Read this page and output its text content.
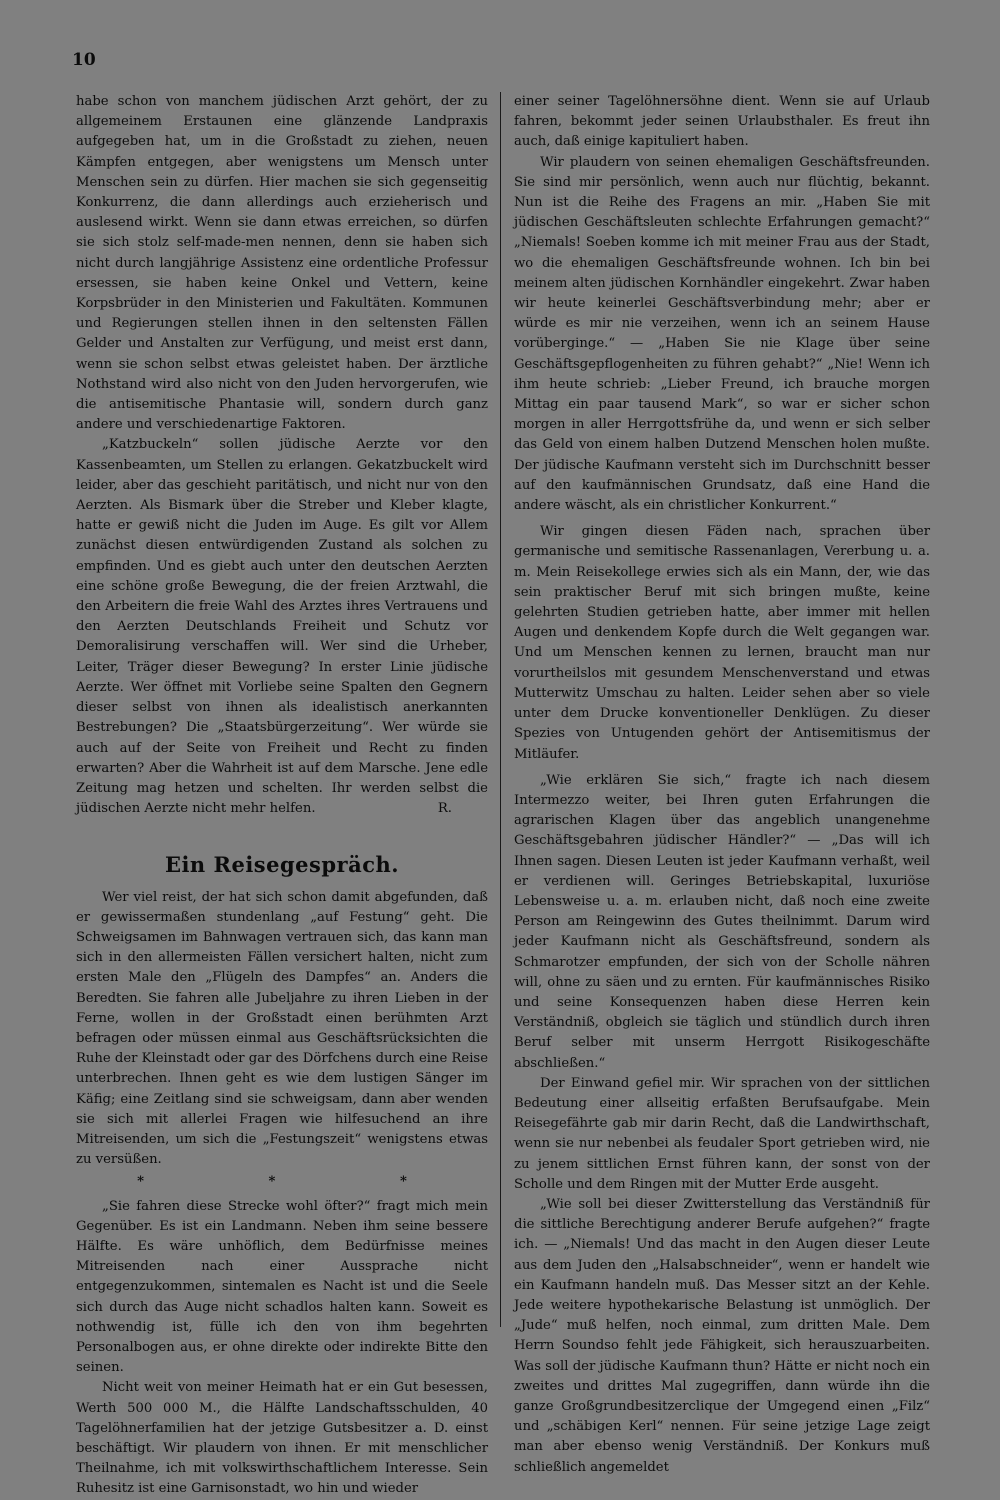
10

habe schon von manchem jüdischen Arzt gehört, der zu allgemeinem Erstaunen eine glänzende Landpraxis aufgegeben hat, um in die Großstadt zu ziehen, neuen Kämpfen entgegen, aber wenigstens um Mensch unter Menschen sein zu dürfen. Hier machen sie sich gegenseitig Konkurrenz, die dann allerdings auch erzieherisch und auslesend wirkt. Wenn sie dann etwas erreichen, so dürfen sie sich stolz self-made-men nennen, denn sie haben sich nicht durch langjährige Assistenz eine ordentliche Professur ersessen, sie haben keine Onkel und Vettern, keine Korpsbrüder in den Ministerien und Fakultäten. Kommunen und Regierungen stellen ihnen in den seltensten Fällen Gelder und Anstalten zur Verfügung, und meist erst dann, wenn sie schon selbst etwas geleistet haben. Der ärztliche Nothstand wird also nicht von den Juden hervorgerufen, wie die antisemitische Phantasie will, sondern durch ganz andere und verschiedenartige Faktoren.

„Katzbuckeln“ sollen jüdische Aerzte vor den Kassenbeamten, um Stellen zu erlangen. Gekatzbuckelt wird leider, aber das geschieht paritätisch, und nicht nur von den Aerzten. Als Bismark über die Streber und Kleber klagte, hatte er gewiß nicht die Juden im Auge. Es gilt vor Allem zunächst diesen entwürdigenden Zustand als solchen zu empfinden. Und es giebt auch unter den deutschen Aerzten eine schöne große Bewegung, die der freien Arztwahl, die den Arbeitern die freie Wahl des Arztes ihres Vertrauens und den Aerzten Deutschlands Freiheit und Schutz vor Demoralisirung verschaffen will. Wer sind die Urheber, Leiter, Träger dieser Bewegung? In erster Linie jüdische Aerzte. Wer öffnet mit Vorliebe seine Spalten den Gegnern dieser selbst von ihnen als idealistisch anerkannten Bestrebungen? Die „Staatsbürgerzeitung“. Wer würde sie auch auf der Seite von Freiheit und Recht zu finden erwarten? Aber die Wahrheit ist auf dem Marsche. Jene edle Zeitung mag hetzen und schelten. Ihr werden selbst die jüdischen Aerzte nicht mehr helfen.	R.

Ein Reisegespräch.

Wer viel reist, der hat sich schon damit abgefunden, daß er gewissermaßen stundenlang „auf Festung“ geht. Die Schweigsamen im Bahnwagen vertrauen sich, das kann man sich in den allermeisten Fällen versichert halten, nicht zum ersten Male den „Flügeln des Dampfes“ an. Anders die Beredten. Sie fahren alle Jubeljahre zu ihren Lieben in der Ferne, wollen in der Großstadt einen berühmten Arzt befragen oder müssen einmal aus Geschäftsrücksichten die Ruhe der Kleinstadt oder gar des Dörfchens durch eine Reise unterbrechen. Ihnen geht es wie dem lustigen Sänger im Käfig; eine Zeitlang sind sie schweigsam, dann aber wenden sie sich mit allerlei Fragen wie hilfesuchend an ihre Mitreisenden, um sich die „Festungszeit“ wenigstens etwas zu versüßen.

* * *

„Sie fahren diese Strecke wohl öfter?“ fragt mich mein Gegenüber. Es ist ein Landmann. Neben ihm seine bessere Hälfte. Es wäre unhöflich, dem Bedürfnisse meines Mitreisenden nach einer Aussprache nicht entgegenzukommen, sintemalen es Nacht ist und die Seele sich durch das Auge nicht schadlos halten kann. Soweit es nothwendig ist, fülle ich den von ihm begehrten Personalbogen aus, er ohne direkte oder indirekte Bitte den seinen.

Nicht weit von meiner Heimath hat er ein Gut besessen, Werth 500 000 M., die Hälfte Landschaftsschulden, 40 Tagelöhnerfamilien hat der jetzige Gutsbesitzer a. D. einst beschäftigt. Wir plaudern von ihnen. Er mit menschlicher Theilnahme, ich mit volkswirthschaftlichem Interesse. Sein Ruhesitz ist eine Garnisonstadt, wo hin und wieder

einer seiner Tagelöhnersöhne dient. Wenn sie auf Urlaub fahren, bekommt jeder seinen Urlaubsthaler. Es freut ihn auch, daß einige kapituliert haben.

Wir plaudern von seinen ehemaligen Geschäftsfreunden. Sie sind mir persönlich, wenn auch nur flüchtig, bekannt. Nun ist die Reihe des Fragens an mir. „Haben Sie mit jüdischen Geschäftsleuten schlechte Erfahrungen gemacht?“ „Niemals! Soeben komme ich mit meiner Frau aus der Stadt, wo die ehemaligen Geschäftsfreunde wohnen. Ich bin bei meinem alten jüdischen Kornhändler eingekehrt. Zwar haben wir heute keinerlei Geschäftsverbindung mehr; aber er würde es mir nie verzeihen, wenn ich an seinem Hause vorüberginge.“ — „Haben Sie nie Klage über seine Geschäftsgepflogenheiten zu führen gehabt?“ „Nie! Wenn ich ihm heute schrieb: „Lieber Freund, ich brauche morgen Mittag ein paar tausend Mark“, so war er sicher schon morgen in aller Herrgottsfrühe da, und wenn er sich selber das Geld von einem halben Dutzend Menschen holen mußte. Der jüdische Kaufmann versteht sich im Durchschnitt besser auf den kaufmännischen Grundsatz, daß eine Hand die andere wäscht, als ein christlicher Konkurrent.“

Wir gingen diesen Fäden nach, sprachen über germanische und semitische Rassenanlagen, Vererbung u. a. m. Mein Reisekollege erwies sich als ein Mann, der, wie das sein praktischer Beruf mit sich bringen mußte, keine gelehrten Studien getrieben hatte, aber immer mit hellen Augen und denkendem Kopfe durch die Welt gegangen war. Und um Menschen kennen zu lernen, braucht man nur vorurtheilslos mit gesundem Menschenverstand und etwas Mutterwitz Umschau zu halten. Leider sehen aber so viele unter dem Drucke konventioneller Denklügen. Zu dieser Spezies von Untugenden gehört der Antisemitismus der Mitläufer.

„Wie erklären Sie sich,“ fragte ich nach diesem Intermezzo weiter, bei Ihren guten Erfahrungen die agrarischen Klagen über das angeblich unangenehme Geschäftsgebahren jüdischer Händler?“ — „Das will ich Ihnen sagen. Diesen Leuten ist jeder Kaufmann verhaßt, weil er verdienen will. Geringes Betriebskapital, luxuriöse Lebensweise u. a. m. erlauben nicht, daß noch eine zweite Person am Reingewinn des Gutes theilnimmt. Darum wird jeder Kaufmann nicht als Geschäftsfreund, sondern als Schmarotzer empfunden, der sich von der Scholle nähren will, ohne zu säen und zu ernten. Für kaufmännisches Risiko und seine Konsequenzen haben diese Herren kein Verständniß, obgleich sie täglich und stündlich durch ihren Beruf selber mit unserm Herrgott Risikogeschäfte abschließen.“

Der Einwand gefiel mir. Wir sprachen von der sittlichen Bedeutung einer allseitig erfaßten Berufsaufgabe. Mein Reisegefährte gab mir darin Recht, daß die Landwirthschaft, wenn sie nur nebenbei als feudaler Sport getrieben wird, nie zu jenem sittlichen Ernst führen kann, der sonst von der Scholle und dem Ringen mit der Mutter Erde ausgeht.

„Wie soll bei dieser Zwitterstellung das Verständniß für die sittliche Berechtigung anderer Berufe aufgehen?“ fragte ich. — „Niemals! Und das macht in den Augen dieser Leute aus dem Juden den „Halsabschneider“, wenn er handelt wie ein Kaufmann handeln muß. Das Messer sitzt an der Kehle. Jede weitere hypothekarische Belastung ist unmöglich. Der „Jude“ muß helfen, noch einmal, zum dritten Male. Dem Herrn Soundso fehlt jede Fähigkeit, sich herauszuarbeiten. Was soll der jüdische Kaufmann thun? Hätte er nicht noch ein zweites und drittes Mal zugegriffen, dann würde ihn die ganze Großgrundbesitzerclique der Umgegend einen „Filz“ und „schäbigen Kerl“ nennen. Für seine jetzige Lage zeigt man aber ebenso wenig Verständniß. Der Konkurs muß schließlich angemeldet
